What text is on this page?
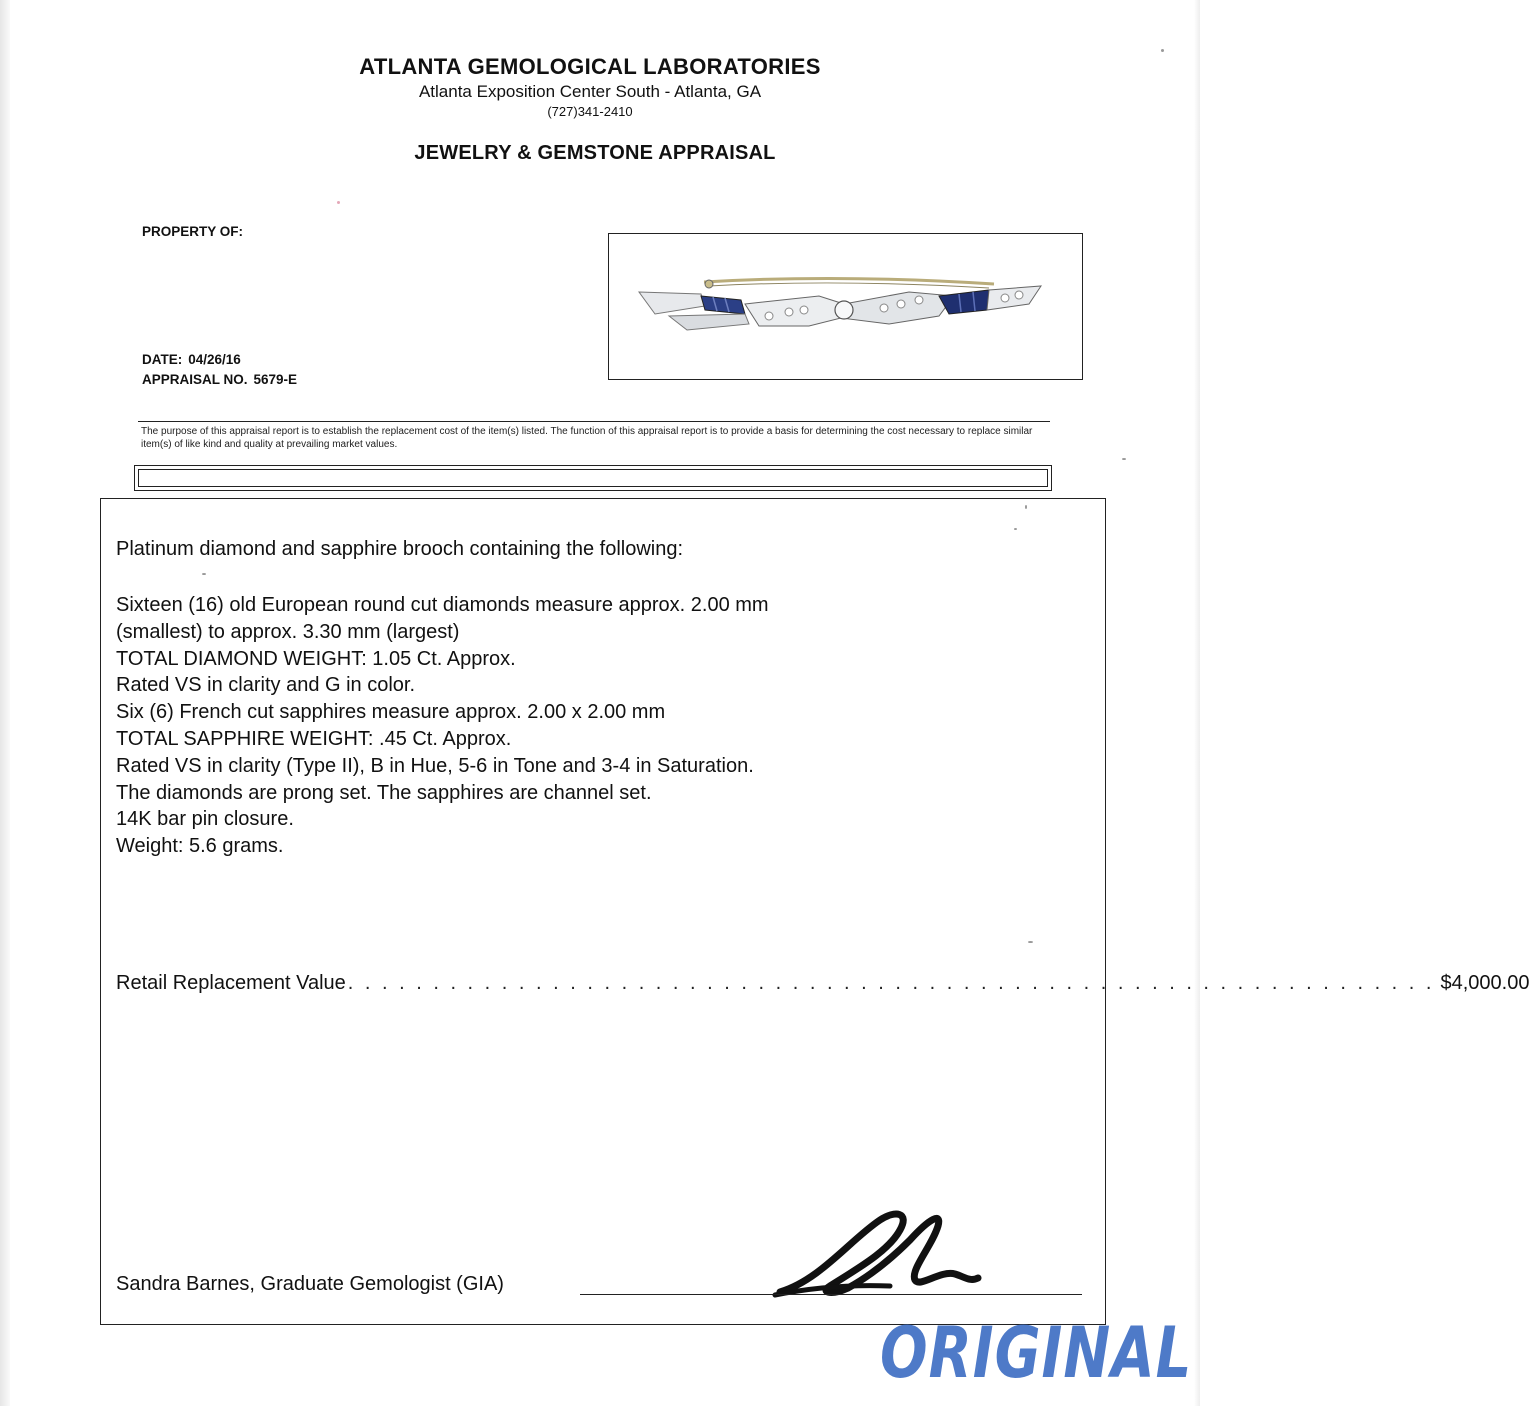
ATLANTA GEMOLOGICAL LABORATORIES
Atlanta Exposition Center South - Atlanta, GA
(727)341-2410
JEWELRY & GEMSTONE APPRAISAL
PROPERTY OF:
DATE: 04/26/16
APPRAISAL NO. 5679-E
The purpose of this appraisal report is to establish the replacement cost of the item(s) listed. The function of this appraisal report is to provide a basis for determining the cost necessary to replace similar item(s) of like kind and quality at prevailing market values.
Platinum diamond and sapphire brooch containing the following:
Sixteen (16) old European round cut diamonds measure approx. 2.00 mm
(smallest) to approx. 3.30 mm (largest)
TOTAL DIAMOND WEIGHT: 1.05 Ct. Approx.
Rated VS in clarity and G in color.
Six (6) French cut sapphires measure approx. 2.00 x 2.00 mm
TOTAL SAPPHIRE WEIGHT: .45 Ct. Approx.
Rated VS in clarity (Type II), B in Hue, 5-6 in Tone and 3-4 in Saturation.
The diamonds are prong set. The sapphires are channel set.
14K bar pin closure.
Weight: 5.6 grams.
Retail Replacement Value . . . . . . . . . . . . . . . . . . . . . . . . . . . . . . . . . . . . . . . . . . . . . . . . . . . . . . . . . . . . . . . . $4,000.00
Sandra Barnes, Graduate Gemologist (GIA)
ORIGINAL
